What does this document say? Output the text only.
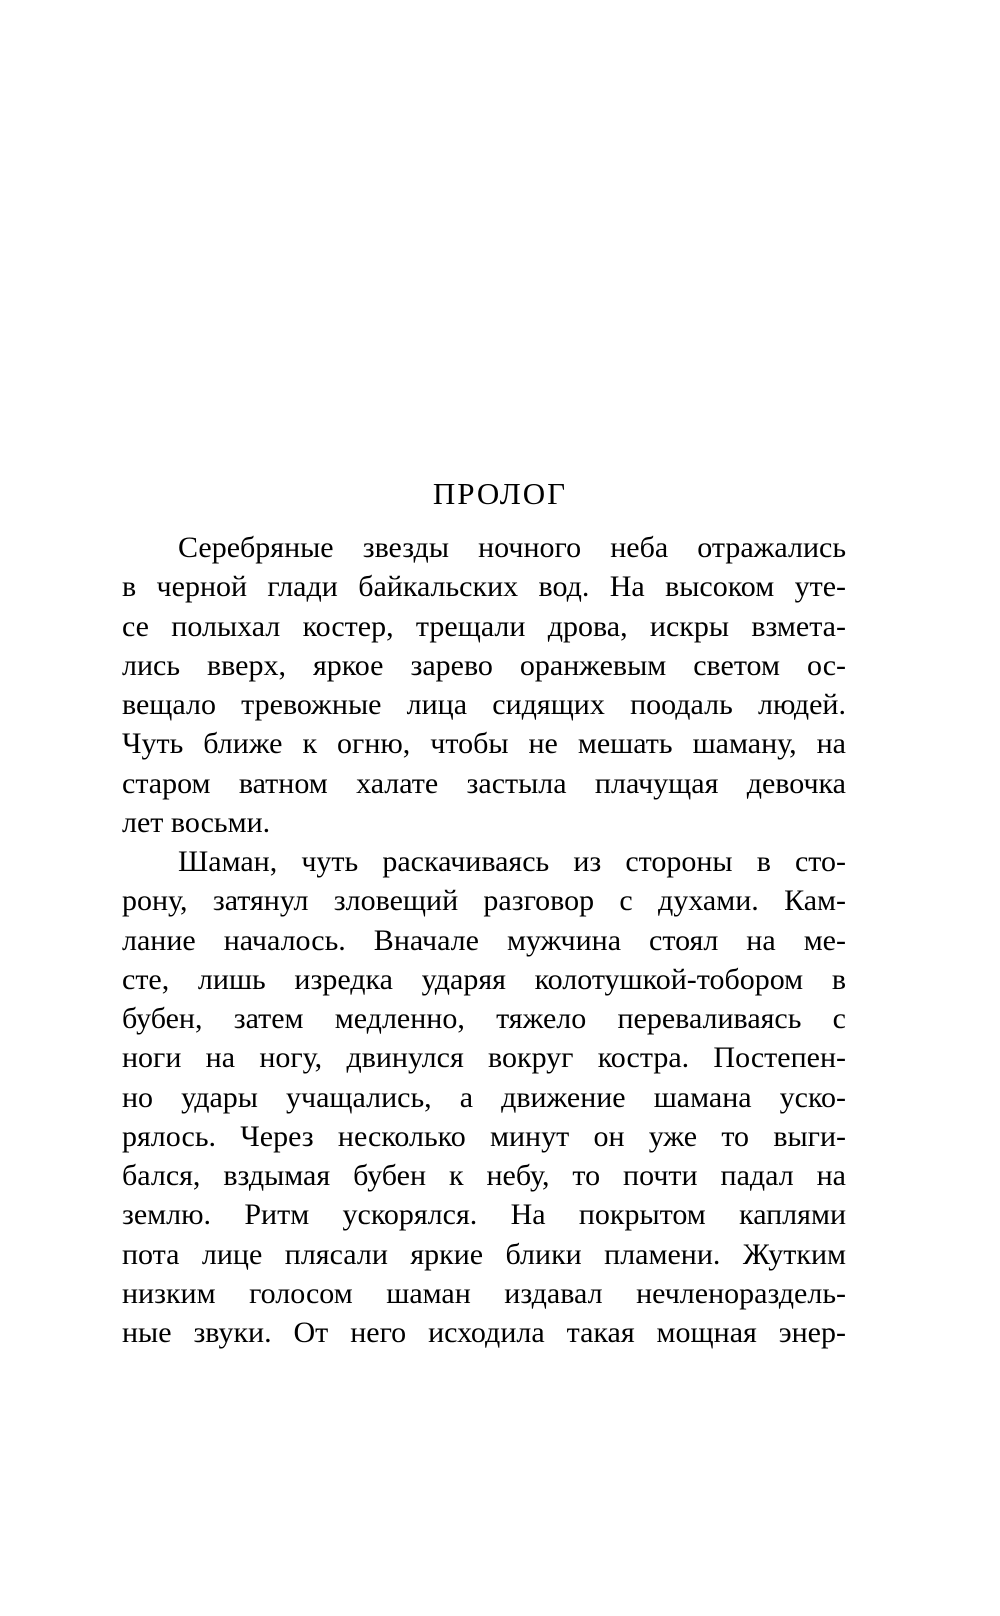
ПРОЛОГ
Серебряные звезды ночного неба отражались
в черной глади байкальских вод. На высоком уте-
се полыхал костер, трещали дрова, искры взмета-
лись вверх, яркое зарево оранжевым светом ос-
вещало тревожные лица сидящих поодаль людей.
Чуть ближе к огню, чтобы не мешать шаману, на
старом ватном халате застыла плачущая девочка
лет восьми.
Шаман, чуть раскачиваясь из стороны в сто-
рону, затянул зловещий разговор с духами. Кам-
лание началось. Вначале мужчина стоял на ме-
сте, лишь изредка ударяя колотушкой-тобором в
бубен, затем медленно, тяжело переваливаясь с
ноги на ногу, двинулся вокруг костра. Постепен-
но удары учащались, а движение шамана уско-
рялось. Через несколько минут он уже то выги-
бался, вздымая бубен к небу, то почти падал на
землю. Ритм ускорялся. На покрытом каплями
пота лице плясали яркие блики пламени. Жутким
низким голосом шаман издавал нечленораздель-
ные звуки. От него исходила такая мощная энер-
